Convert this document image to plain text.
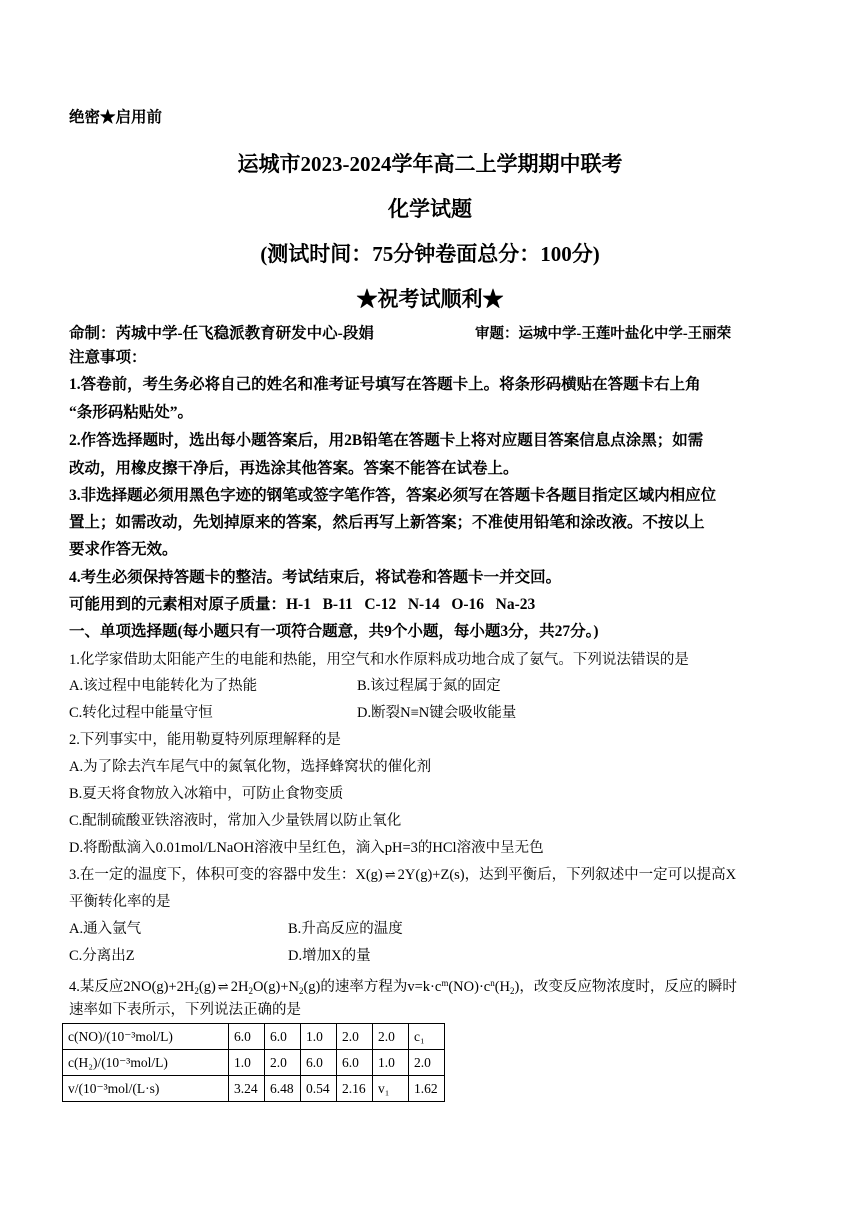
绝密★启用前
运城市2023-2024学年高二上学期期中联考
化学试题
(测试时间：75分钟卷面总分：100分)
★祝考试顺利★
命制：芮城中学-任飞稳派教育研发中心-段娟	审题：运城中学-王莲叶盐化中学-王丽荣
注意事项：
1.答卷前，考生务必将自己的姓名和准考证号填写在答题卡上。将条形码横贴在答题卡右上角
“条形码粘贴处”。
2.作答选择题时，选出每小题答案后，用2B铅笔在答题卡上将对应题目答案信息点涂黑；如需
改动，用橡皮擦干净后，再选涂其他答案。答案不能答在试卷上。
3.非选择题必须用黑色字迹的钢笔或签字笔作答，答案必须写在答题卡各题目指定区域内相应位
置上；如需改动，先划掉原来的答案，然后再写上新答案；不准使用铅笔和涂改液。不按以上
要求作答无效。
4.考生必须保持答题卡的整洁。考试结束后，将试卷和答题卡一并交回。
可能用到的元素相对原子质量：H-1   B-11   C-12   N-14   O-16   Na-23
一、单项选择题(每小题只有一项符合题意，共9个小题，每小题3分，共27分。)
1.化学家借助太阳能产生的电能和热能，用空气和水作原料成功地合成了氨气。下列说法错误的是
A.该过程中电能转化为了热能	B.该过程属于氮的固定
C.转化过程中能量守恒	D.断裂N≡N键会吸收能量
2.下列事实中，能用勒夏特列原理解释的是
A.为了除去汽车尾气中的氮氧化物，选择蜂窝状的催化剂
B.夏天将食物放入冰箱中，可防止食物变质
C.配制硫酸亚铁溶液时，常加入少量铁屑以防止氧化
D.将酚酞滴入0.01mol/LNaOH溶液中呈红色，滴入pH=3的HCl溶液中呈无色
3.在一定的温度下，体积可变的容器中发生：X(g) ⇌ 2Y(g)+Z(s)，达到平衡后，下列叙述中一定可以提高X
平衡转化率的是
A.通入氩气	B.升高反应的温度
C.分离出Z	D.增加X的量
4.某反应$2NO(g)+2H_2(g)$ ⇌ $2H_2O(g)+N_2(g)$的速率方程为$v=k\cdot c^m(NO)\cdot c^n(H_2)$，改变反应物浓度时，反应的瞬时
速率如下表所示，下列说法正确的是
c(NO)/(10⁻³mol/L)	6.0	6.0	1.0	2.0	2.0	c₁
c(H₂)/(10⁻³mol/L)	1.0	2.0	6.0	6.0	1.0	2.0
v/(10⁻³mol/(L·s)	3.24	6.48	0.54	2.16	v₁	1.62
